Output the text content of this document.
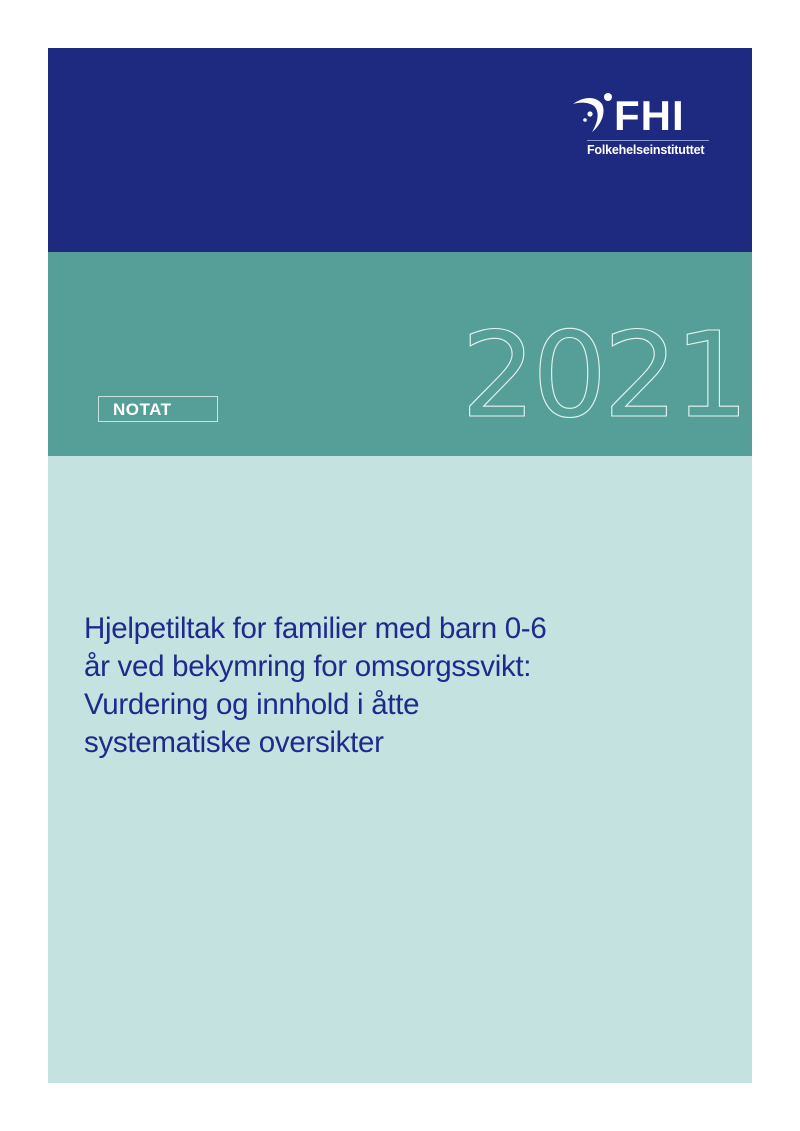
FHI
Folkehelseinstituttet
NOTAT	2021
Hjelpetiltak for familier med barn 0-6
år ved bekymring for omsorgssvikt:
Vurdering og innhold i åtte
systematiske oversikter
